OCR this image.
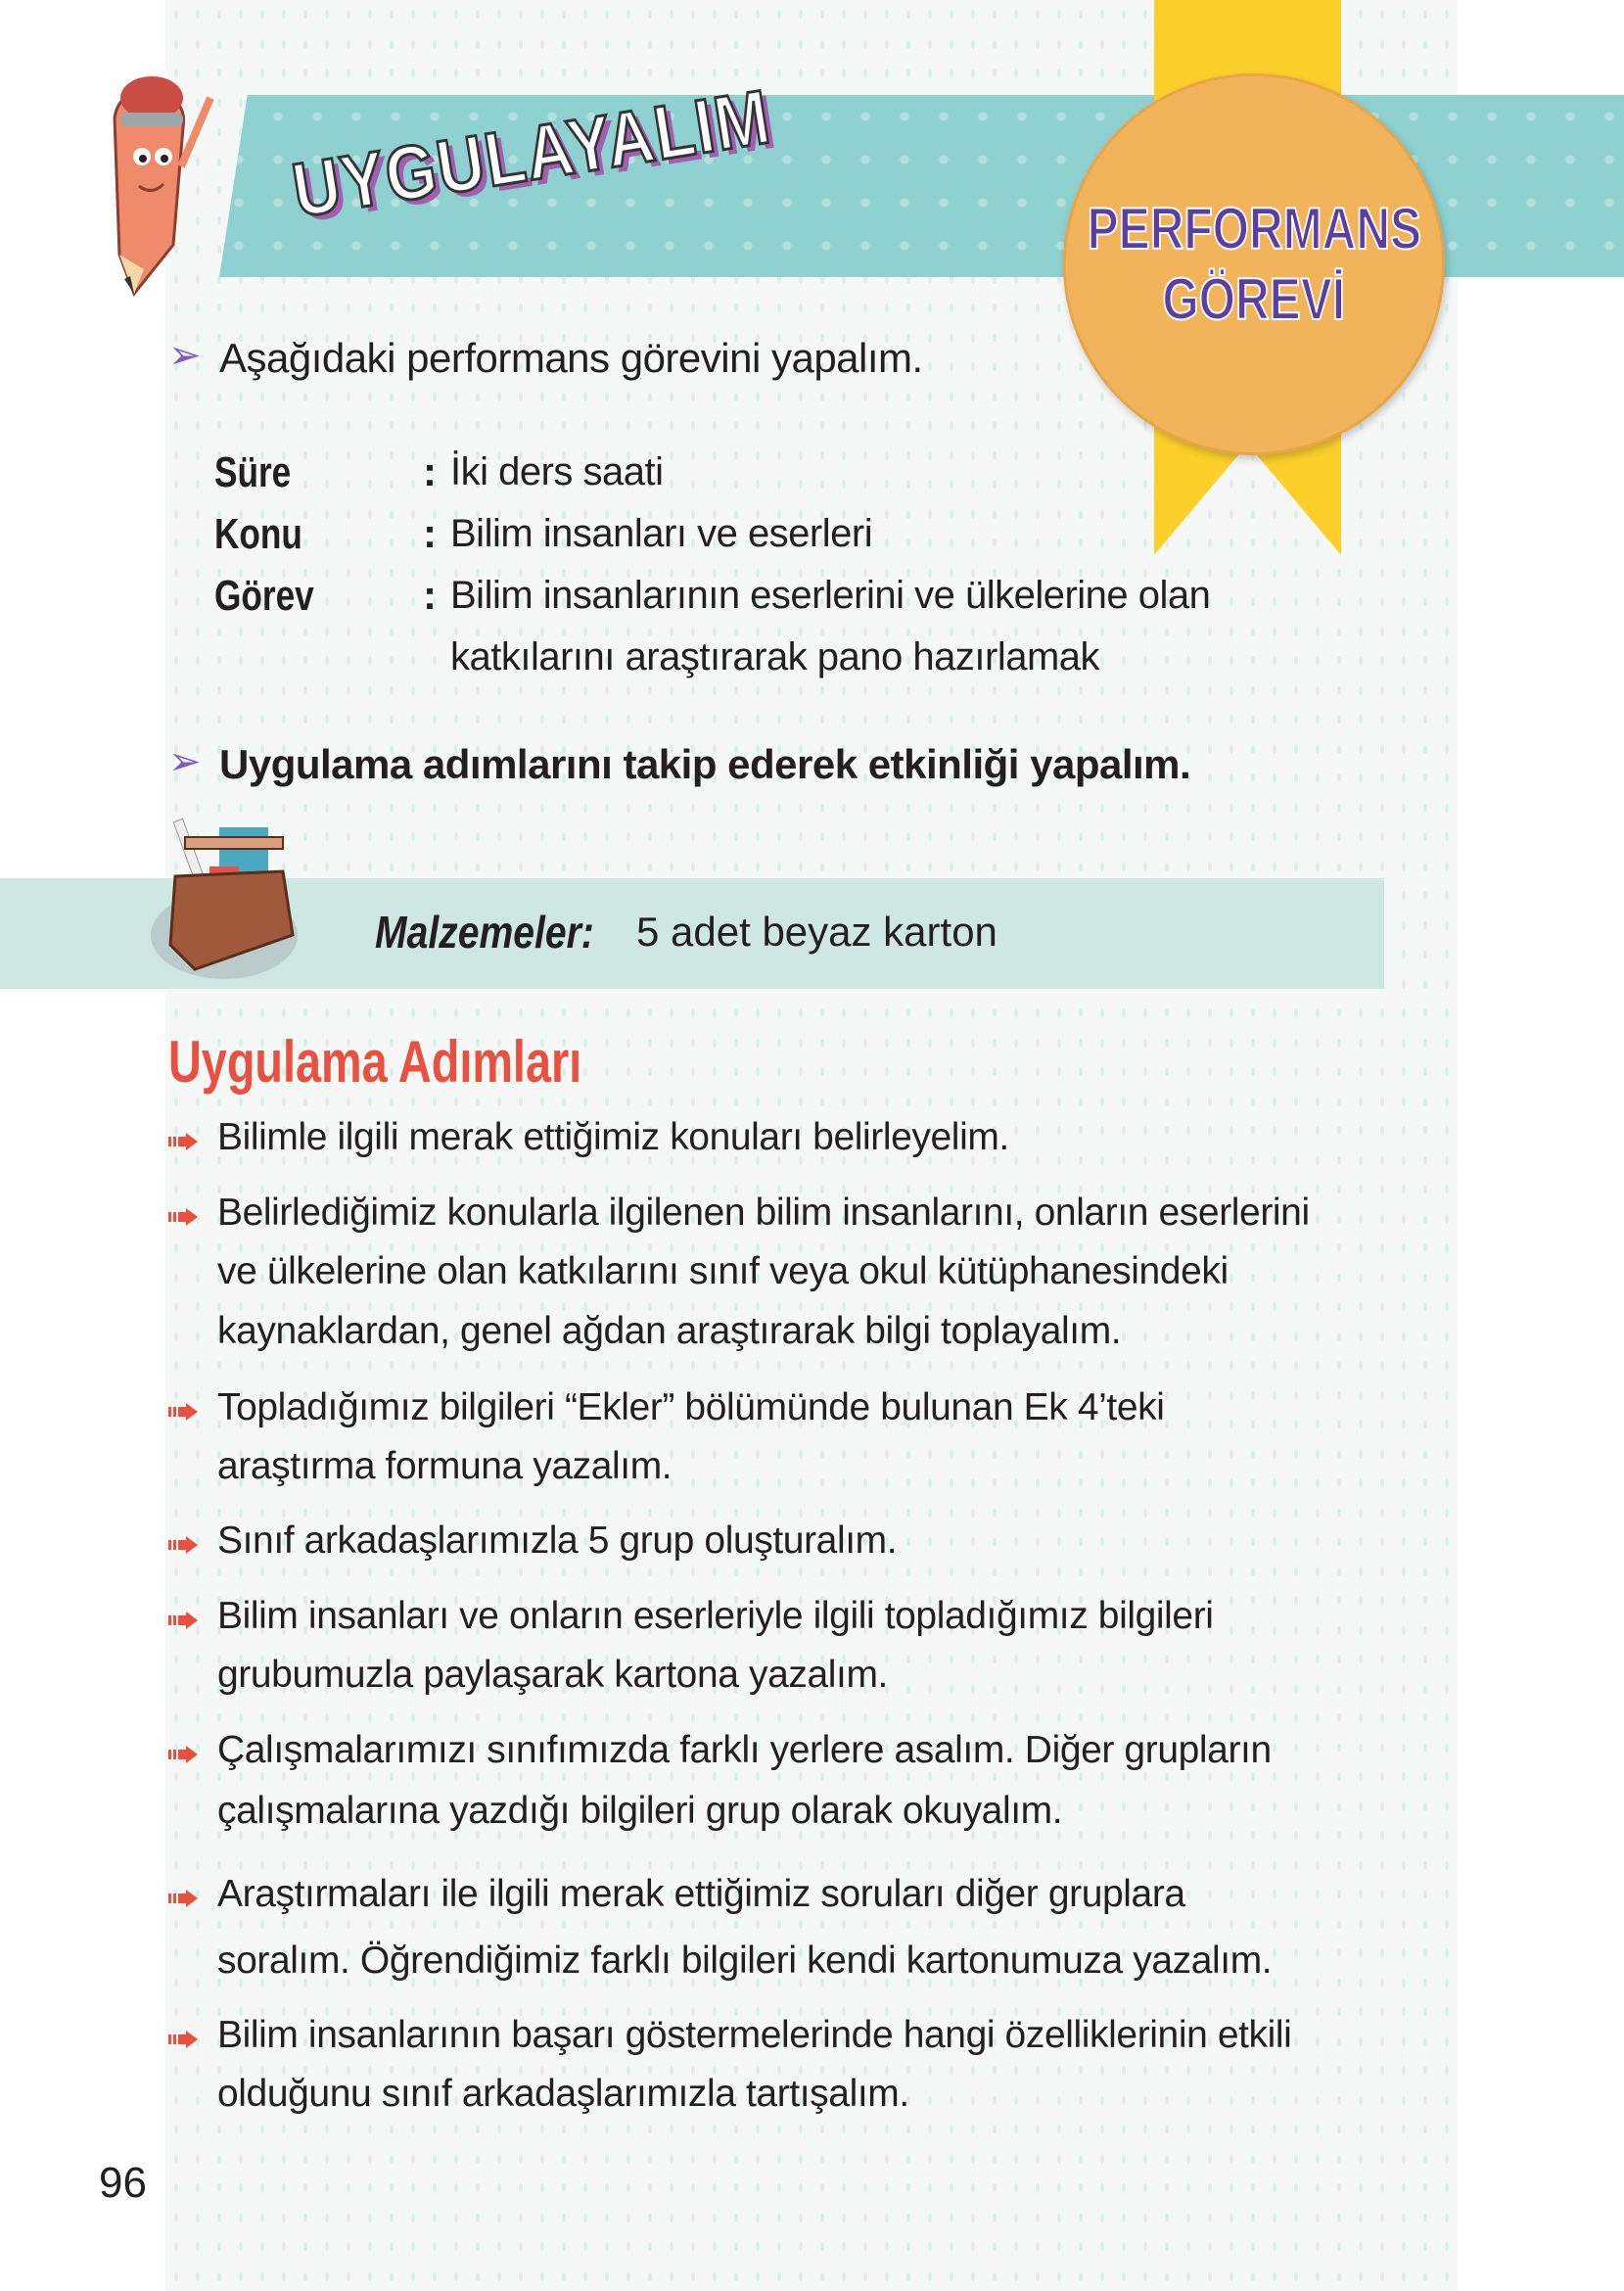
UYGULAYALIM	PERFORMANS
GÖREVİ
➢ Aşağıdaki performans görevini yapalım.
Süre	: İki ders saati
Konu	: Bilim insanları ve eserleri
Görev	: Bilim insanlarının eserlerini ve ülkelerine olan
katkılarını araştırarak pano hazırlamak
➢ Uygulama adımlarını takip ederek etkinliği yapalım.
Malzemeler: 5 adet beyaz karton
Uygulama Adımları
Bilimle ilgili merak ettiğimiz konuları belirleyelim.
Belirlediğimiz konularla ilgilenen bilim insanlarını, onların eserlerini
ve ülkelerine olan katkılarını sınıf veya okul kütüphanesindeki
kaynaklardan, genel ağdan araştırarak bilgi toplayalım.
Topladığımız bilgileri “Ekler” bölümünde bulunan Ek 4’teki
araştırma formuna yazalım.
Sınıf arkadaşlarımızla 5 grup oluşturalım.
Bilim insanları ve onların eserleriyle ilgili topladığımız bilgileri
grubumuzla paylaşarak kartona yazalım.
Çalışmalarımızı sınıfımızda farklı yerlere asalım. Diğer grupların
çalışmalarına yazdığı bilgileri grup olarak okuyalım.
Araştırmaları ile ilgili merak ettiğimiz soruları diğer gruplara
soralım. Öğrendiğimiz farklı bilgileri kendi kartonumuza yazalım.
Bilim insanlarının başarı göstermelerinde hangi özelliklerinin etkili
olduğunu sınıf arkadaşlarımızla tartışalım.
96
